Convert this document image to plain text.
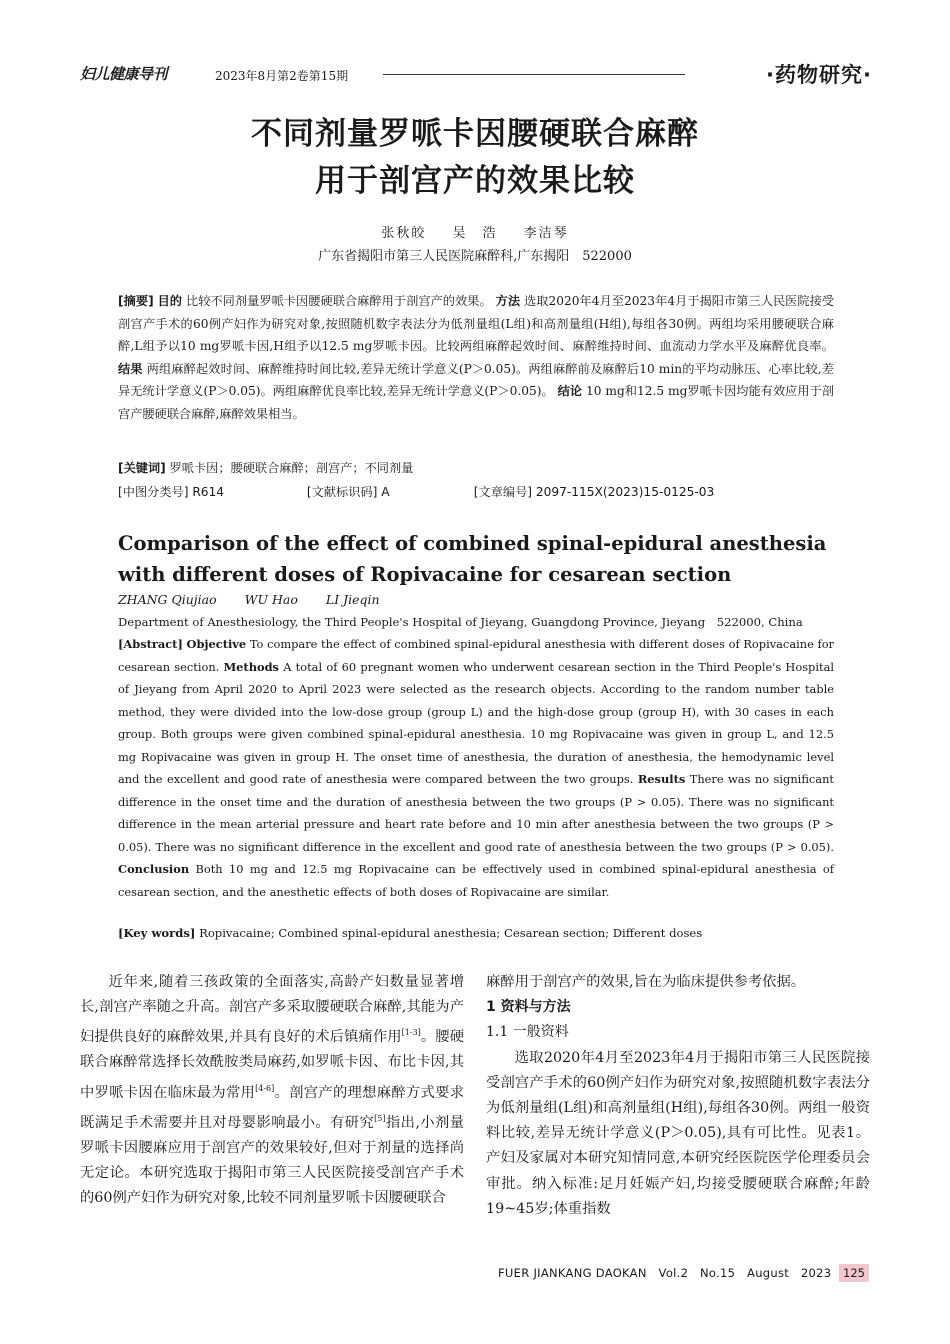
妇儿健康导刊	2023年8月第2卷第15期	·药物研究·
不同剂量罗哌卡因腰硬联合麻醉
用于剖宫产的效果比较
张秋皎 吴　浩 李洁琴
广东省揭阳市第三人民医院麻醉科,广东揭阳　522000
[摘要] 目的 比较不同剂量罗哌卡因腰硬联合麻醉用于剖宫产的效果。 方法 选取2020年4月至2023年4月于揭阳市第三人民医院接受剖宫产手术的60例产妇作为研究对象,按照随机数字表法分为低剂量组(L组)和高剂量组(H组),每组各30例。两组均采用腰硬联合麻醉,L组予以10 mg罗哌卡因,H组予以12.5 mg罗哌卡因。比较两组麻醉起效时间、麻醉维持时间、血流动力学水平及麻醉优良率。 结果 两组麻醉起效时间、麻醉维持时间比较,差异无统计学意义(P＞0.05)。两组麻醉前及麻醉后10 min的平均动脉压、心率比较,差异无统计学意义(P＞0.05)。两组麻醉优良率比较,差异无统计学意义(P＞0.05)。 结论 10 mg和12.5 mg罗哌卡因均能有效应用于剖宫产腰硬联合麻醉,麻醉效果相当。
[关键词] 罗哌卡因；腰硬联合麻醉；剖宫产；不同剂量
[中图分类号] R614	[文献标识码] A	[文章编号] 2097-115X(2023)15-0125-03
Comparison of the effect of combined spinal-epidural anesthesia with different doses of Ropivacaine for cesarean section
ZHANG Qiujiao WU Hao LI Jieqin
Department of Anesthesiology, the Third People's Hospital of Jieyang, Guangdong Province, Jieyang　522000, China
[Abstract] Objective To compare the effect of combined spinal-epidural anesthesia with different doses of Ropivacaine for cesarean section. Methods A total of 60 pregnant women who underwent cesarean section in the Third People's Hospital of Jieyang from April 2020 to April 2023 were selected as the research objects. According to the random number table method, they were divided into the low-dose group (group L) and the high-dose group (group H), with 30 cases in each group. Both groups were given combined spinal-epidural anesthesia. 10 mg Ropivacaine was given in group L, and 12.5 mg Ropivacaine was given in group H. The onset time of anesthesia, the duration of anesthesia, the hemodynamic level and the excellent and good rate of anesthesia were compared between the two groups. Results There was no significant difference in the onset time and the duration of anesthesia between the two groups (P > 0.05). There was no significant difference in the mean arterial pressure and heart rate before and 10 min after anesthesia between the two groups (P > 0.05). There was no significant difference in the excellent and good rate of anesthesia between the two groups (P > 0.05). Conclusion Both 10 mg and 12.5 mg Ropivacaine can be effectively used in combined spinal-epidural anesthesia of cesarean section, and the anesthetic effects of both doses of Ropivacaine are similar.
[Key words] Ropivacaine; Combined spinal-epidural anesthesia; Cesarean section; Different doses

近年来,随着三孩政策的全面落实,高龄产妇数量显著增长,剖宫产率随之升高。剖宫产多采取腰硬联合麻醉,其能为产妇提供良好的麻醉效果,并具有良好的术后镇痛作用[1-3]。腰硬联合麻醉常选择长效酰胺类局麻药,如罗哌卡因、布比卡因,其中罗哌卡因在临床最为常用[4-6]。剖宫产的理想麻醉方式要求既满足手术需要并且对母婴影响最小。有研究[5]指出,小剂量罗哌卡因腰麻应用于剖宫产的效果较好,但对于剂量的选择尚无定论。本研究选取于揭阳市第三人民医院接受剖宫产手术的60例产妇作为研究对象,比较不同剂量罗哌卡因腰硬联合

麻醉用于剖宫产的效果,旨在为临床提供参考依据。

1 资料与方法

1.1 一般资料

选取2020年4月至2023年4月于揭阳市第三人民医院接受剖宫产手术的60例产妇作为研究对象,按照随机数字表法分为低剂量组(L组)和高剂量组(H组),每组各30例。两组一般资料比较,差异无统计学意义(P＞0.05),具有可比性。见表1。产妇及家属对本研究知情同意,本研究经医院医学伦理委员会审批。纳入标准:足月妊娠产妇,均接受腰硬联合麻醉;年龄19~45岁;体重指数

FUER JIANKANG DAOKAN　Vol.2　No.15　August　2023	125
